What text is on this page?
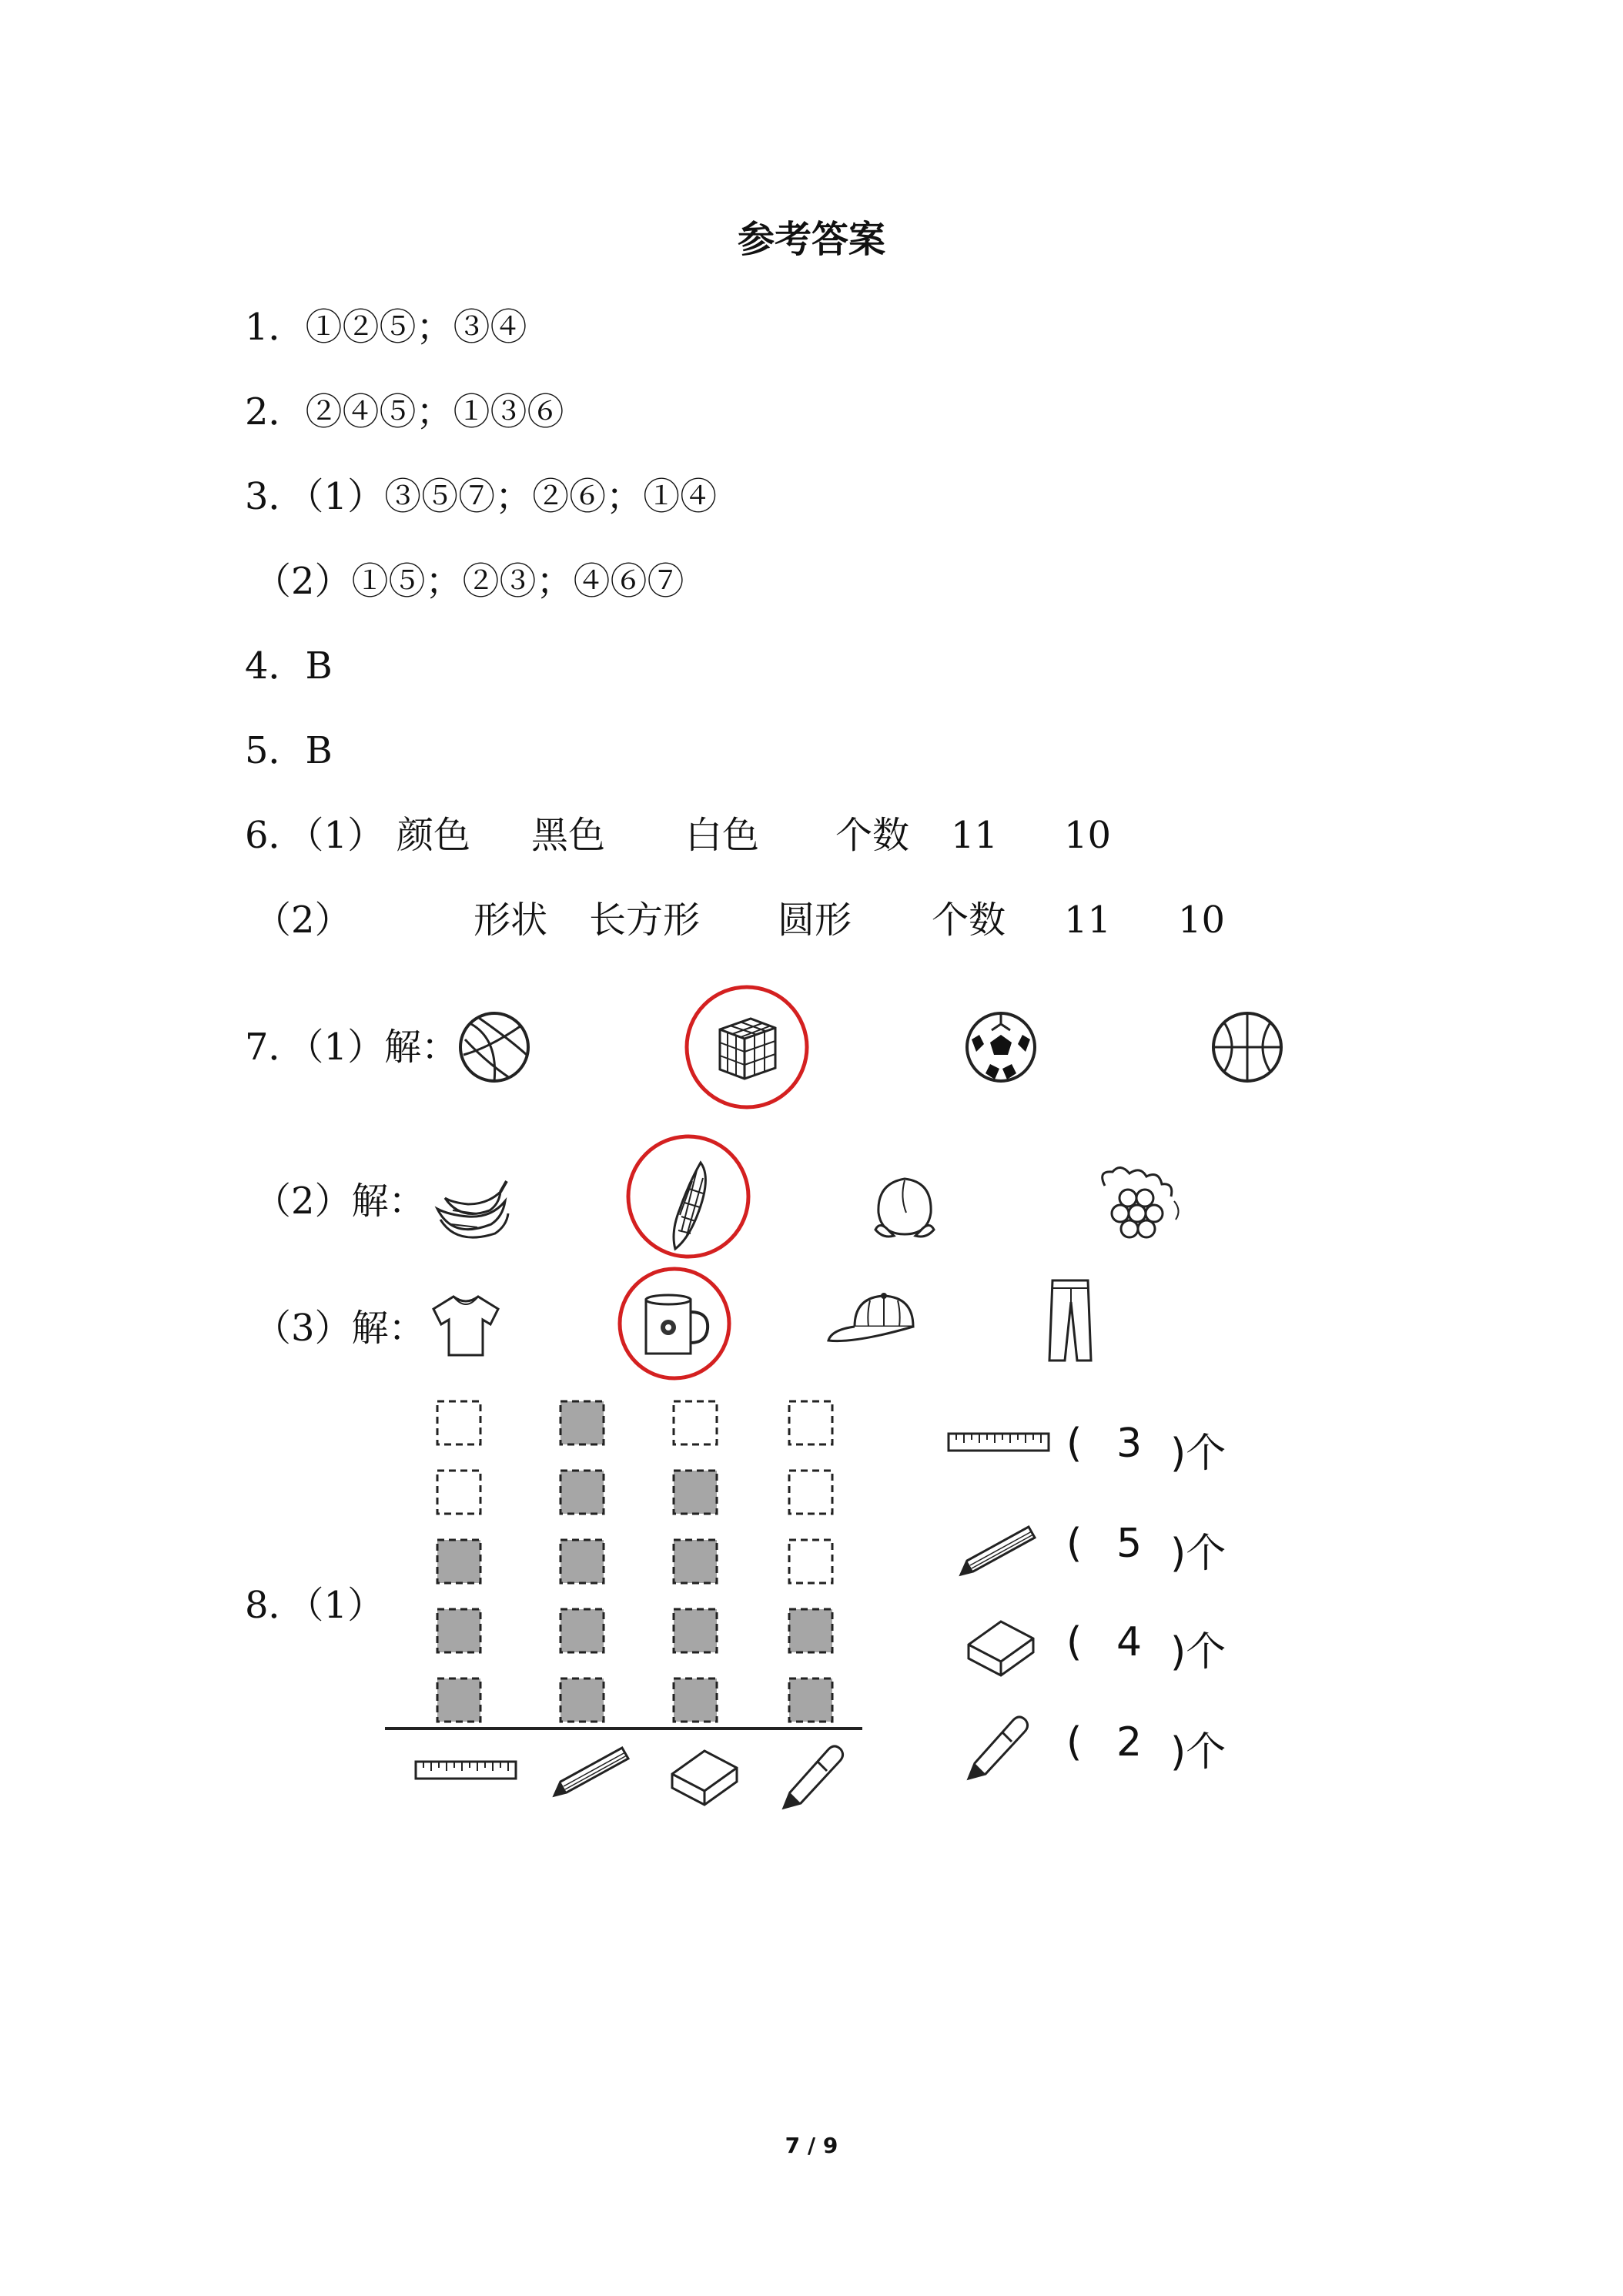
参考答案
1．①②⑤；③④
2．②④⑤；①③⑥
3．（1）③⑤⑦；②⑥；①④
（2）①⑤；②③；④⑥⑦
4．B
5．B
6．（1） 颜色 黑色 白色 个数 11 10
（2）	形状 长方形 圆形 个数 11 10
7．（1）解：
（2）解：
（3）解：
8．（1）
( 3 )个
( 5 )个
( 4 )个
( 2 )个
7 / 9
